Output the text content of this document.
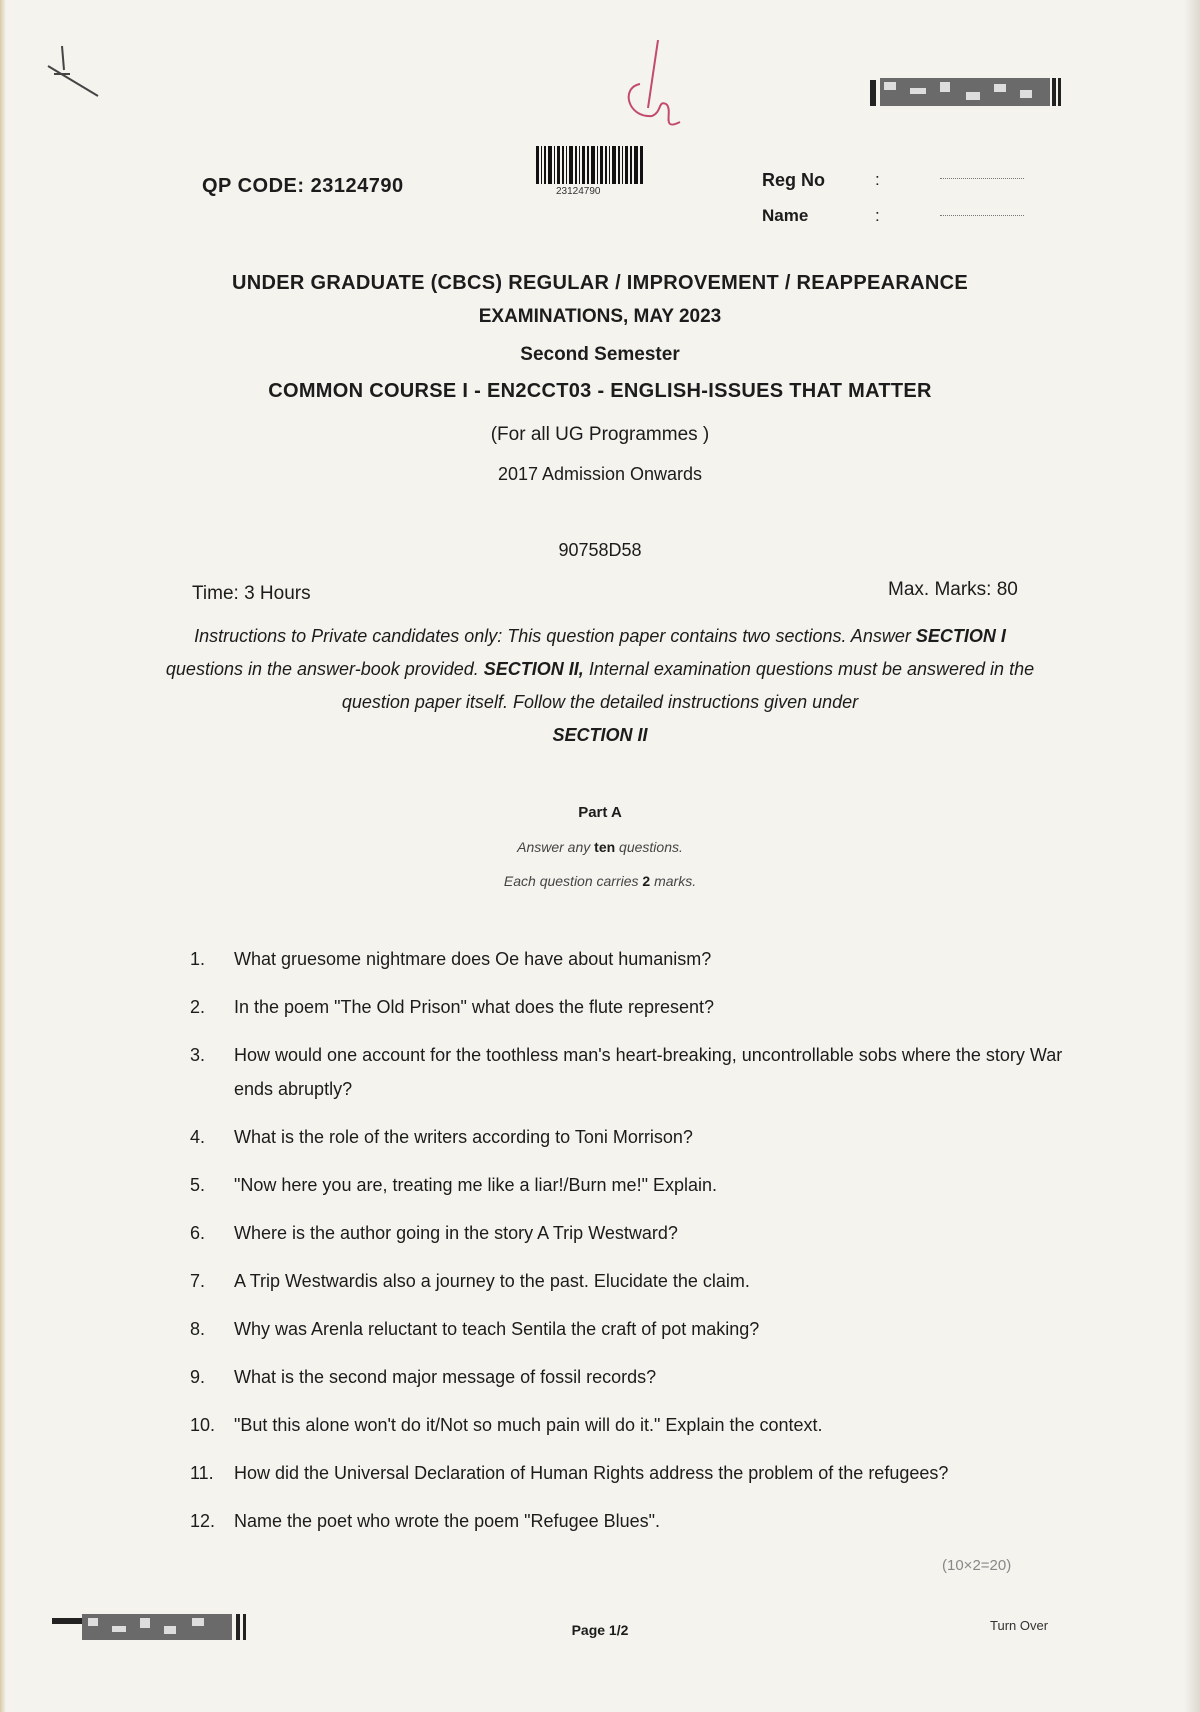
QP CODE: 23124790	23124790
Reg No	:
Name	:
UNDER GRADUATE (CBCS) REGULAR / IMPROVEMENT / REAPPEARANCE
EXAMINATIONS, MAY 2023
Second Semester
COMMON COURSE I - EN2CCT03 - ENGLISH-ISSUES THAT MATTER
(For all UG Programmes )
2017 Admission Onwards
90758D58
Time: 3 Hours	Max. Marks: 80
Instructions to Private candidates only: This question paper contains two sections. Answer SECTION I questions in the answer-book provided. SECTION II, Internal examination questions must be answered in the question paper itself. Follow the detailed instructions given under
SECTION II
Part A
Answer any ten questions.
Each question carries 2 marks.
1.	What gruesome nightmare does Oe have about humanism?
2.	In the poem "The Old Prison" what does the flute represent?
3.	How would one account for the toothless man's heart-breaking, uncontrollable sobs where the story War ends abruptly?
4.	What is the role of the writers according to Toni Morrison?
5.	"Now here you are, treating me like a liar!/Burn me!" Explain.
6.	Where is the author going in the story A Trip Westward?
7.	A Trip Westwardis also a journey to the past. Elucidate the claim.
8.	Why was Arenla reluctant to teach Sentila the craft of pot making?
9.	What is the second major message of fossil records?
10.	"But this alone won't do it/Not so much pain will do it." Explain the context.
11.	How did the Universal Declaration of Human Rights address the problem of the refugees?
12.	Name the poet who wrote the poem "Refugee Blues".
(10×2=20)
Page 1/2	Turn Over
